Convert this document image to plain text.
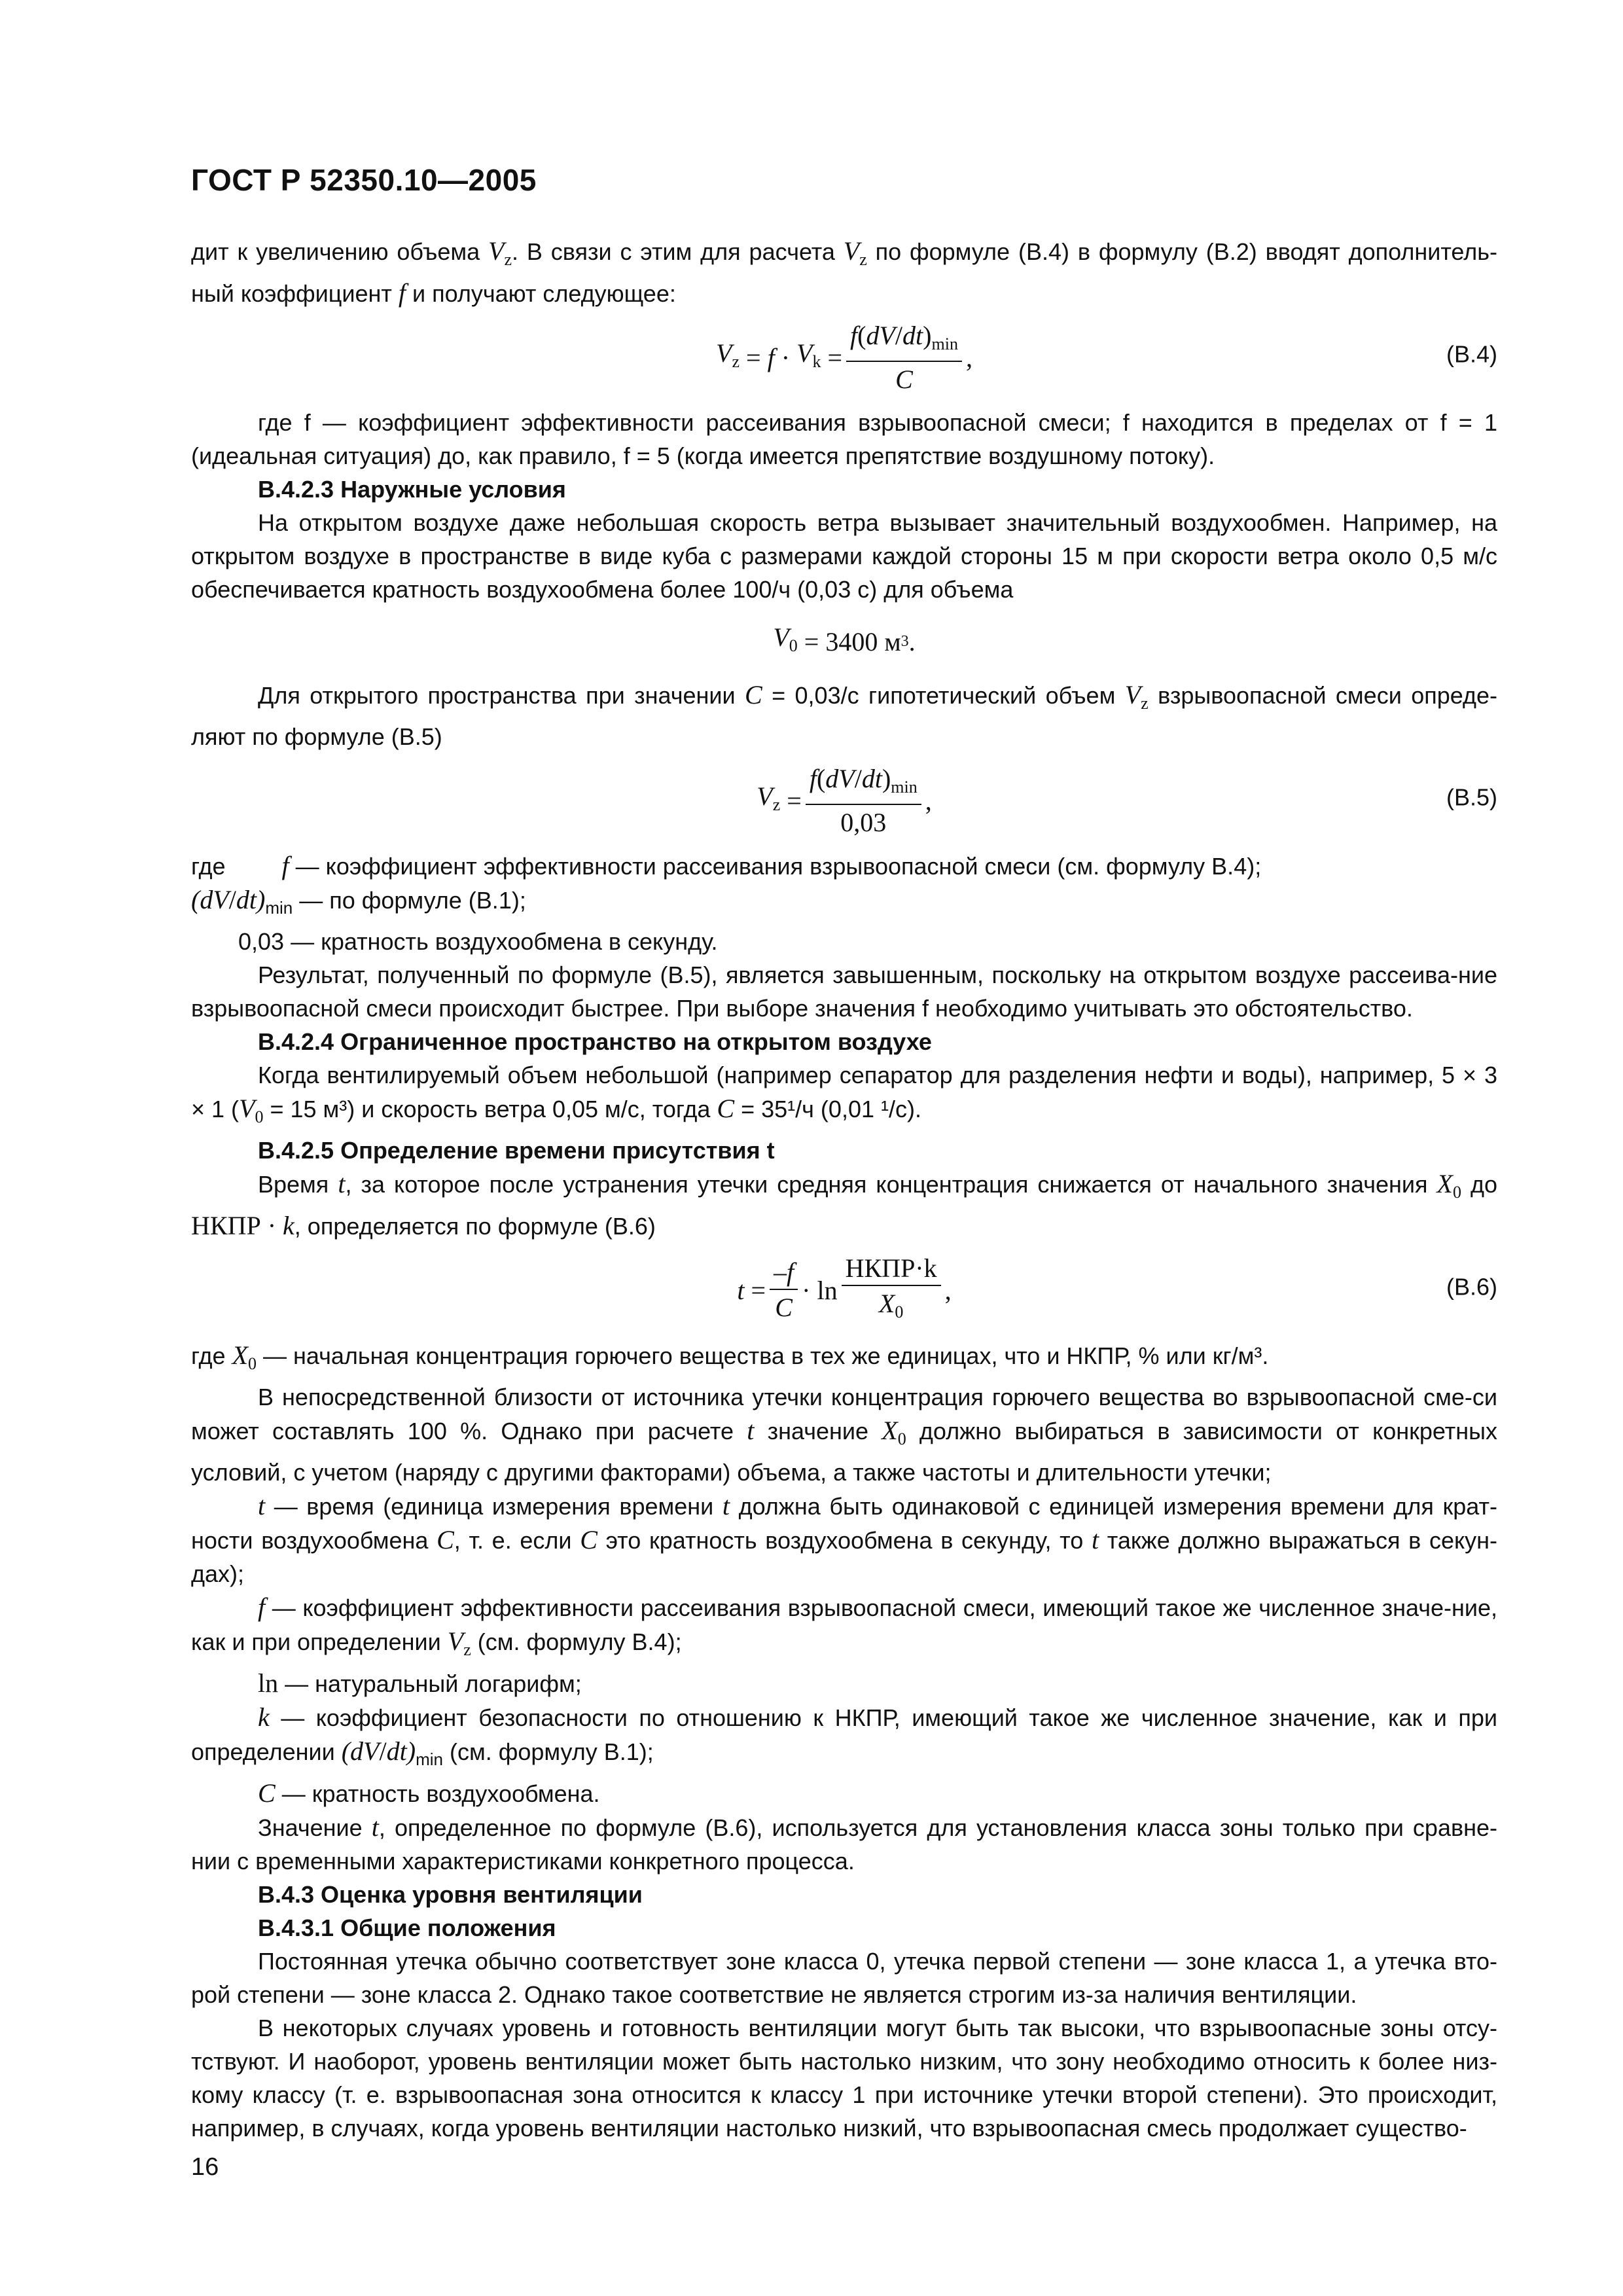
ГОСТ Р 52350.10—2005

дит к увеличению объема $V_z$. В связи с этим для расчета $V_z$ по формуле (В.4) в формулу (В.2) вводят дополнитель-ный коэффициент f и получают следующее:

$V_z = f \cdot V_k = \frac{f(dV/dt)_{min}}{C}$ ,	(В.4)

где f — коэффициент эффективности рассеивания взрывоопасной смеси; f находится в пределах от f = 1 (идеальная ситуация) до, как правило, f = 5 (когда имеется препятствие воздушному потоку).

В.4.2.3 Наружные условия

На открытом воздухе даже небольшая скорость ветра вызывает значительный воздухообмен. Например, на открытом воздухе в пространстве в виде куба с размерами каждой стороны 15 м при скорости ветра около 0,5 м/с обеспечивается кратность воздухообмена более 100/ч (0,03 с) для объема

$V_0$
= 3400 м 3 .

Для открытого пространства при значении C = 0,03/с гипотетический объем $V_z$ взрывоопасной смеси опреде-ляют по формуле (В.5)

$V_z = \frac{f(dV/dt)_{min}}{0,03}$ ,	(В.5)

где f — коэффициент эффективности рассеивания взрывоопасной смеси (см. формулу В.4);

$(dV/dt)_{min}$ — по формуле (В.1);

0,03 — кратность воздухообмена в секунду.

Результат, полученный по формуле (В.5), является завышенным, поскольку на открытом воздухе рассеива-ние взрывоопасной смеси происходит быстрее. При выборе значения f необходимо учитывать это обстоятельство.

В.4.2.4 Ограниченное пространство на открытом воздухе

Когда вентилируемый объем небольшой (например сепаратор для разделения нефти и воды), например, 5 × 3 × 1 ($V_0 = 15$ м³) и скорость ветра 0,05 м/с, тогда C = 35¹/ч (0,01 ¹/с).

В.4.2.5 Определение времени присутствия t

Время t, за которое после устранения утечки средняя концентрация снижается от начального значения $X_0$ до НКПР · k, определяется по формуле (В.6)

$t = \frac{-f}{C} \cdot \ln \frac{\text{НКПР·k}}{X_0}$ ,	(В.6)

где $X_0$ — начальная концентрация горючего вещества в тех же единицах, что и НКПР, % или кг/м³.

В непосредственной близости от источника утечки концентрация горючего вещества во взрывоопасной сме-си может составлять 100 %. Однако при расчете t значение $X_0$ должно выбираться в зависимости от конкретных условий, с учетом (наряду с другими факторами) объема, а также частоты и длительности утечки;

t — время (единица измерения времени t должна быть одинаковой с единицей измерения времени для крат-ности воздухообмена C, т. е. если C это кратность воздухообмена в секунду, то t также должно выражаться в секун-дах);

f — коэффициент эффективности рассеивания взрывоопасной смеси, имеющий такое же численное значе-ние, как и при определении $V_z$ (см. формулу В.4);

ln — натуральный логарифм;

k — коэффициент безопасности по отношению к НКПР, имеющий такое же численное значение, как и при определении $(dV/dt)_{min}$ (см. формулу В.1);

C — кратность воздухообмена.

Значение t, определенное по формуле (В.6), используется для установления класса зоны только при сравне-нии с временными характеристиками конкретного процесса.

В.4.3 Оценка уровня вентиляции

В.4.3.1 Общие положения

Постоянная утечка обычно соответствует зоне класса 0, утечка первой степени — зоне класса 1, а утечка вто-рой степени — зоне класса 2. Однако такое соответствие не является строгим из-за наличия вентиляции.

В некоторых случаях уровень и готовность вентиляции могут быть так высоки, что взрывоопасные зоны отсу-тствуют. И наоборот, уровень вентиляции может быть настолько низким, что зону необходимо относить к более низ-кому классу (т. е. взрывоопасная зона относится к классу 1 при источнике утечки второй степени). Это происходит, например, в случаях, когда уровень вентиляции настолько низкий, что взрывоопасная смесь продолжает существо-

16
